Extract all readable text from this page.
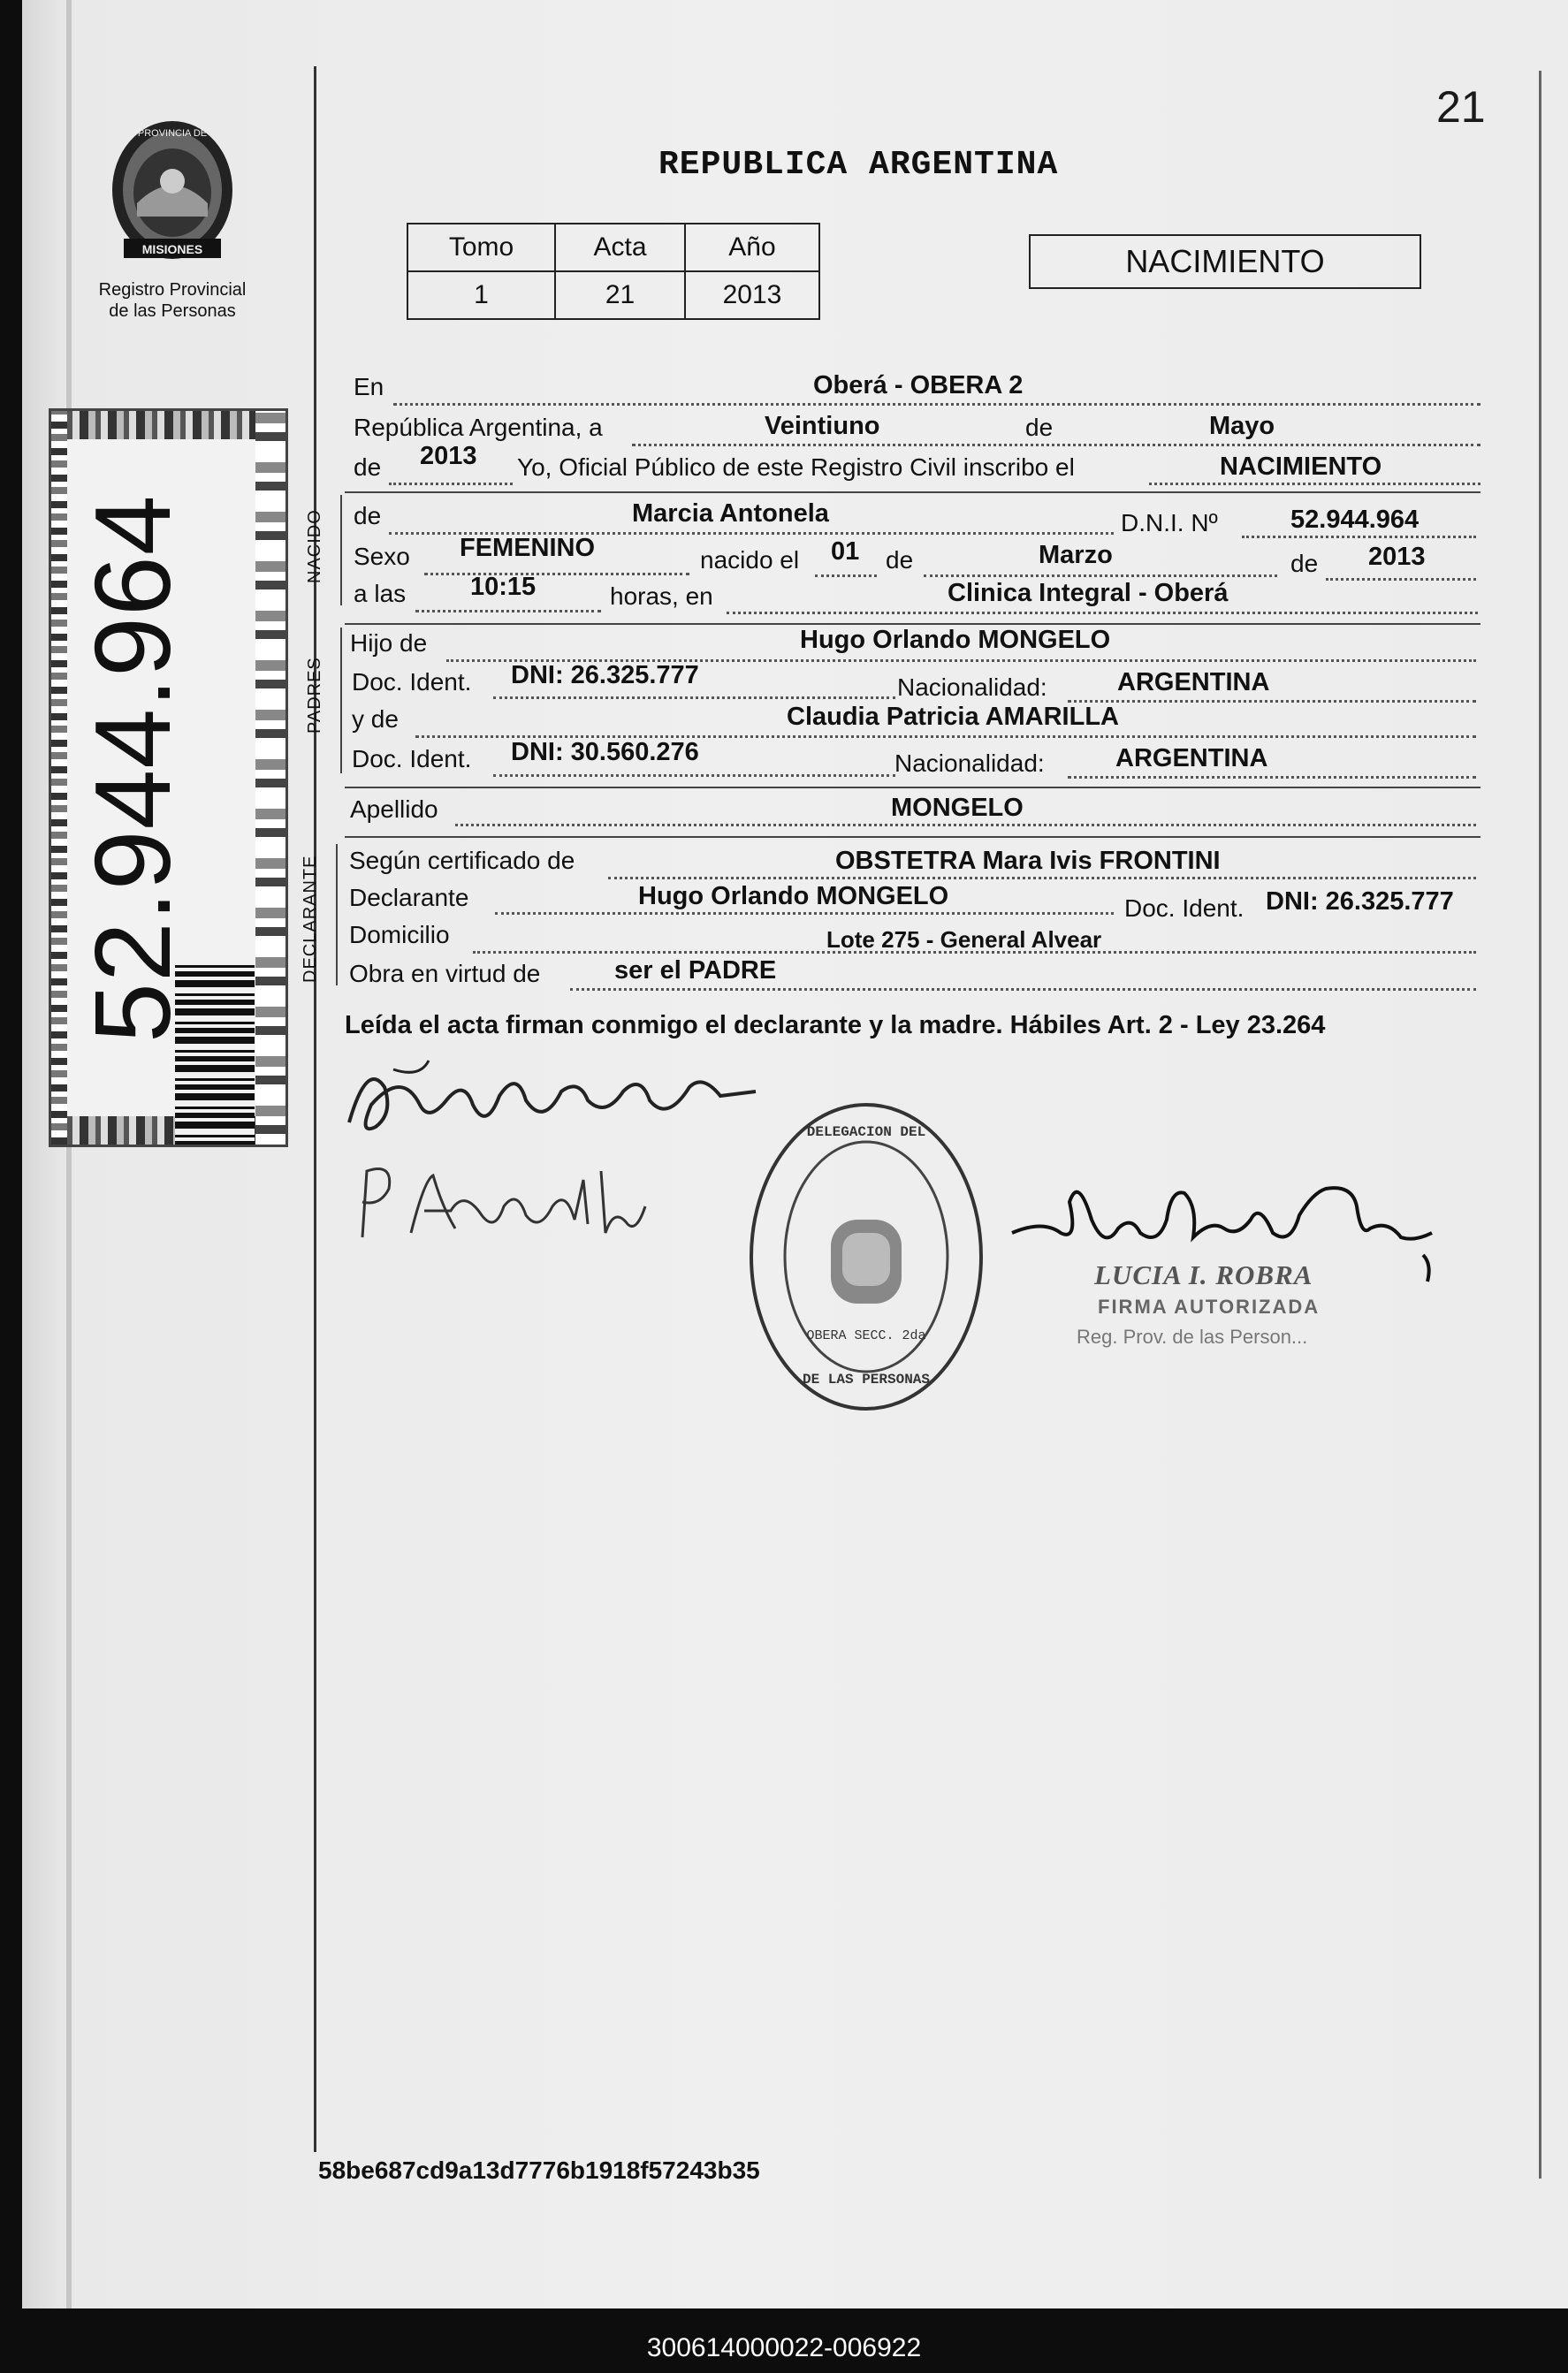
21
MISIONES
PROVINCIA DE
Registro Provincial
de las Personas
52.944.964
REPUBLICA ARGENTINA
Tomo	Acta	Año
1	21	2013
NACIMIENTO
En	Oberá - OBERA 2
República Argentina, a	Veintiuno	de	Mayo
de 2013 Yo, Oficial Público de este Registro Civil inscribo el	NACIMIENTO
NACIDO de	Marcia Antonela	D.N.I. Nº	52.944.964
Sexo FEMENINO	nacido el 01 de	Marzo	de 2013
a las	10:15	horas, en	Clinica Integral - Oberá
PADRES
Hijo de	Hugo Orlando MONGELO
Doc. Ident. DNI: 26.325.777	Nacionalidad:	ARGENTINA
y de	Claudia Patricia AMARILLA
Doc. Ident. DNI: 30.560.276	Nacionalidad:	ARGENTINA
Apellido	MONGELO
DECLARANTE Según certificado de	OBSTETRA Mara Ivis FRONTINI
Declarante	Hugo Orlando MONGELO	Doc. Ident. DNI: 26.325.777
Domicilio	Lote 275 - General Alvear
Obra en virtud de	ser el PADRE
Leída el acta firman conmigo el declarante y la madre. Hábiles Art. 2 - Ley 23.264
DELEGACION DEL
DE LAS PERSONAS
OBERA SECC. 2da
LUCIA I. ROBRA
FIRMA AUTORIZADA
Reg. Prov. de las Person...
58be687cd9a13d7776b1918f57243b35
300614000022-006922
